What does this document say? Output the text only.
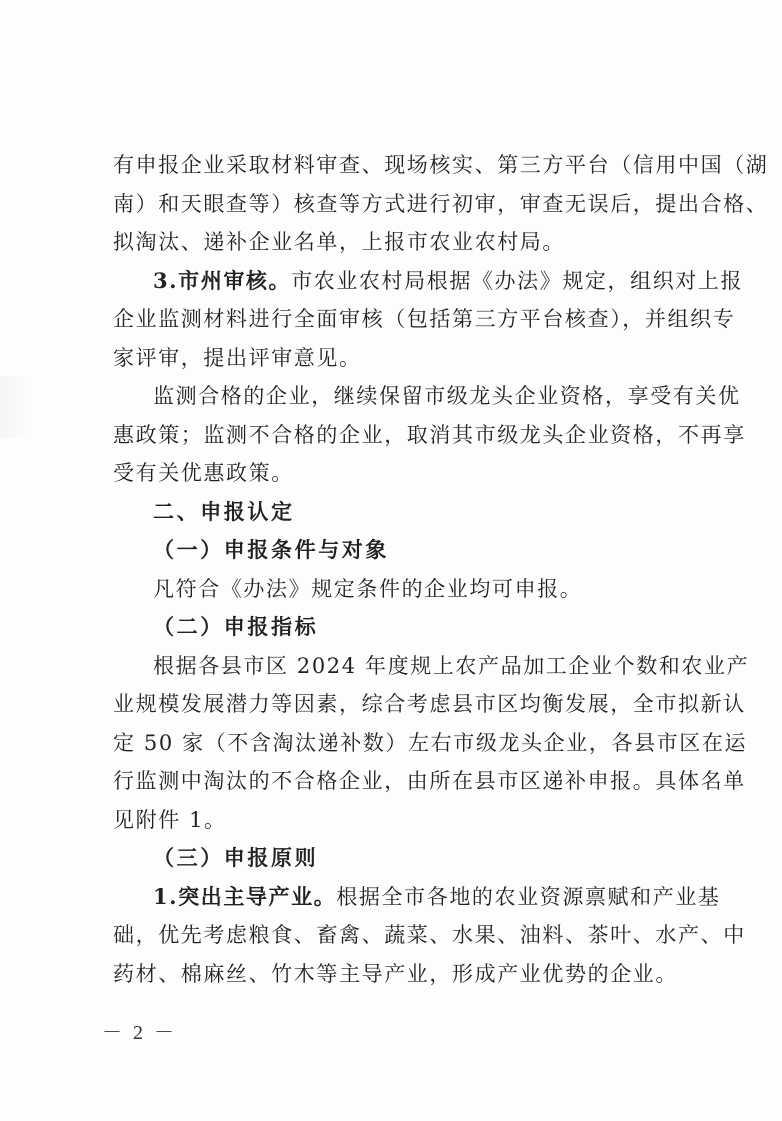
有申报企业采取材料审查、现场核实、第三方平台（信用中国（湖
南）和天眼查等）核查等方式进行初审，审查无误后，提出合格、
拟淘汰、递补企业名单，上报市农业农村局。
3.市州审核。市农业农村局根据《办法》规定，组织对上报
企业监测材料进行全面审核（包括第三方平台核查），并组织专
家评审，提出评审意见。
监测合格的企业，继续保留市级龙头企业资格，享受有关优
惠政策；监测不合格的企业，取消其市级龙头企业资格，不再享
受有关优惠政策。
二、申报认定
（一）申报条件与对象
凡符合《办法》规定条件的企业均可申报。
（二）申报指标
根据各县市区 2024 年度规上农产品加工企业个数和农业产
业规模发展潜力等因素，综合考虑县市区均衡发展，全市拟新认
定 50 家（不含淘汰递补数）左右市级龙头企业，各县市区在运
行监测中淘汰的不合格企业，由所在县市区递补申报。具体名单
见附件 1。
（三）申报原则
1.突出主导产业。根据全市各地的农业资源禀赋和产业基
础，优先考虑粮食、畜禽、蔬菜、水果、油料、茶叶、水产、中
药材、棉麻丝、竹木等主导产业，形成产业优势的企业。
－ 2 －
